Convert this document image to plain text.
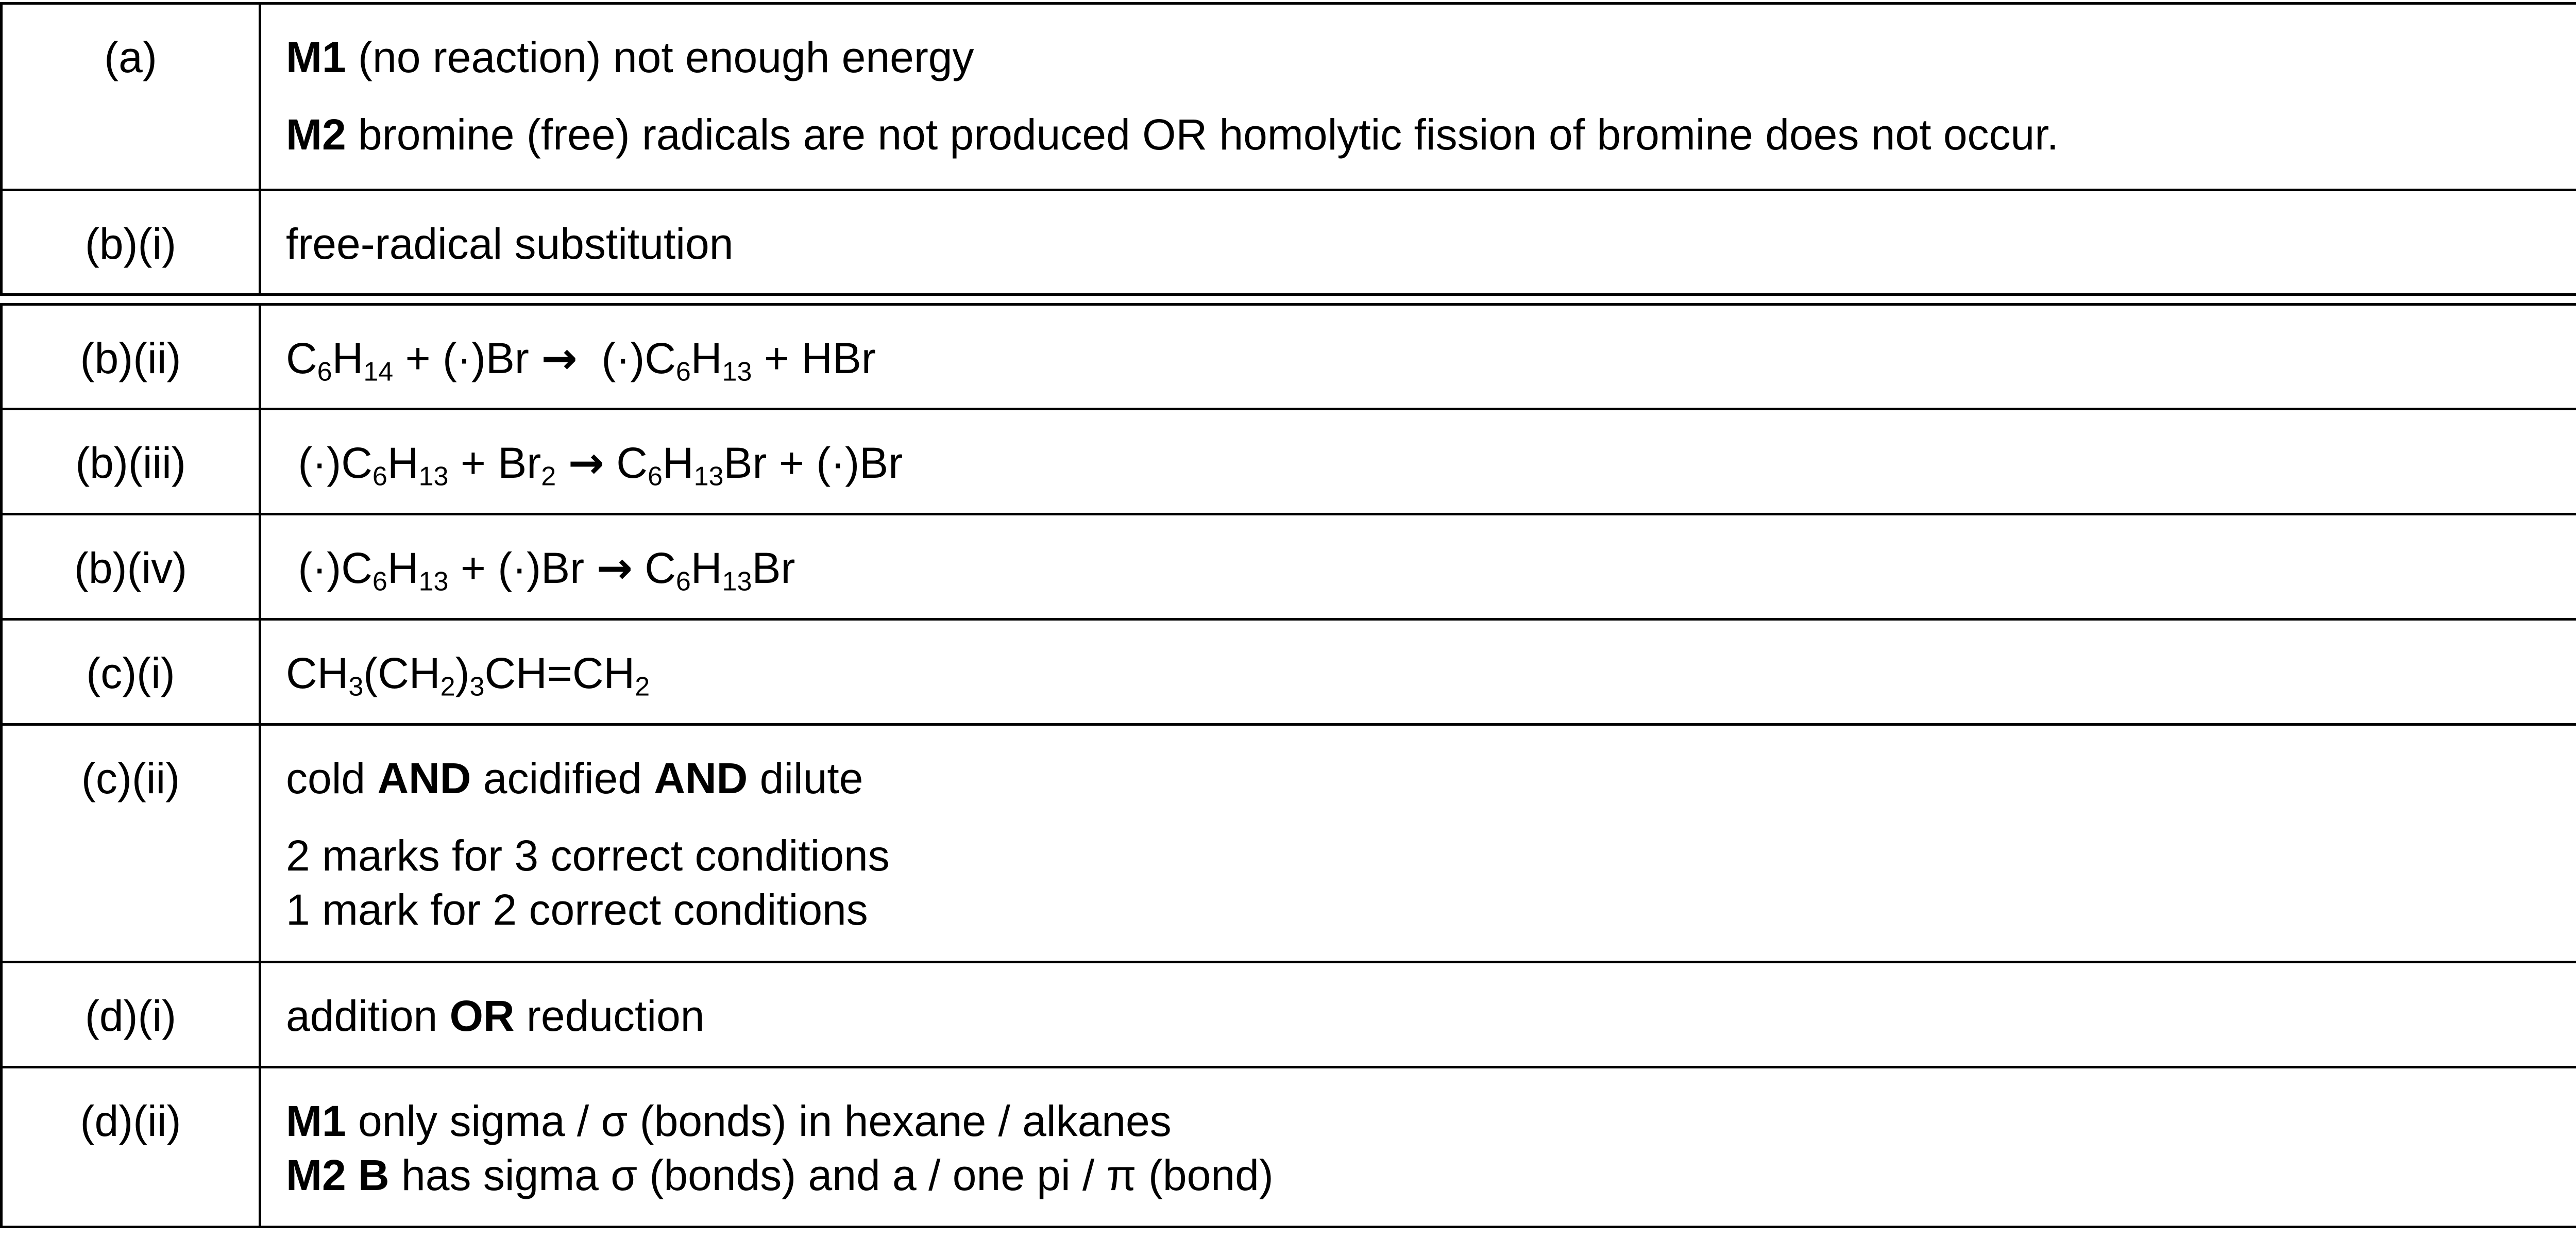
(a)	M1 (no reaction) not enough energy
M2 bromine (free) radicals are not produced OR homolytic fission of bromine does not occur.

(b)(i)	free-radical substitution

(b)(ii)	$C_6H_{14} + (\cdot)Br \to (\cdot)C_6H_{13}$ + HBr

(b)(iii)	$(\cdot)C_6H_{13} + Br_2 \to C_6H_{13}Br + (\cdot)Br$

(b)(iv)	$(\cdot)C_6H_{13} + (\cdot)Br \to C_6H_{13}Br$

(c)(i)	$CH_3(CH_2)_3CH=CH_2$

(c)(ii)	cold AND acidified AND dilute
2 marks for 3 correct conditions
1 mark for 2 correct conditions

(d)(i)	addition OR reduction

(d)(ii)	M1 only sigma / σ (bonds) in hexane / alkanes
M2 B has sigma σ (bonds) and a / one pi / π (bond)
